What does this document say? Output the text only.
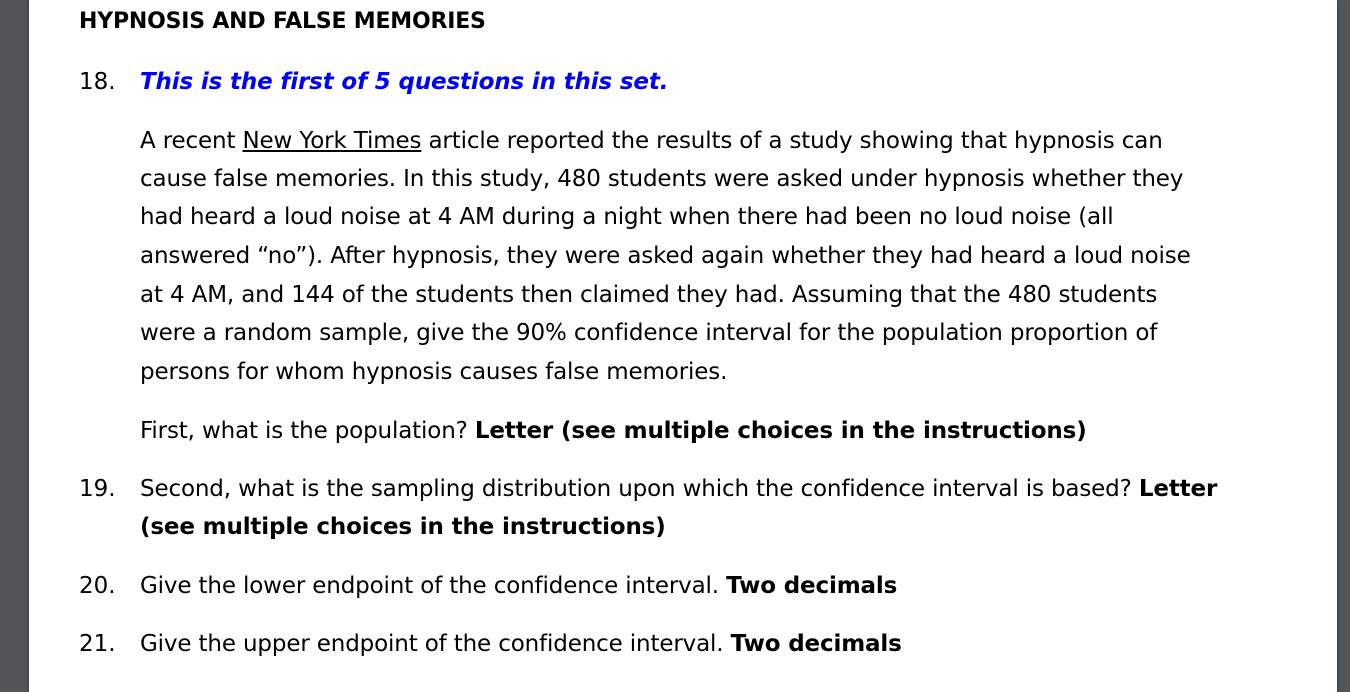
HYPNOSIS AND FALSE MEMORIES
18. This is the first of 5 questions in this set.
A recent New York Times article reported the results of a study showing that hypnosis can
cause false memories. In this study, 480 students were asked under hypnosis whether they
had heard a loud noise at 4 AM during a night when there had been no loud noise (all
answered “no”). After hypnosis, they were asked again whether they had heard a loud noise
at 4 AM, and 144 of the students then claimed they had. Assuming that the 480 students
were a random sample, give the 90% confidence interval for the population proportion of
persons for whom hypnosis causes false memories.
First, what is the population? Letter (see multiple choices in the instructions)
19. Second, what is the sampling distribution upon which the confidence interval is based? Letter
(see multiple choices in the instructions)
20. Give the lower endpoint of the confidence interval. Two decimals
21. Give the upper endpoint of the confidence interval. Two decimals
